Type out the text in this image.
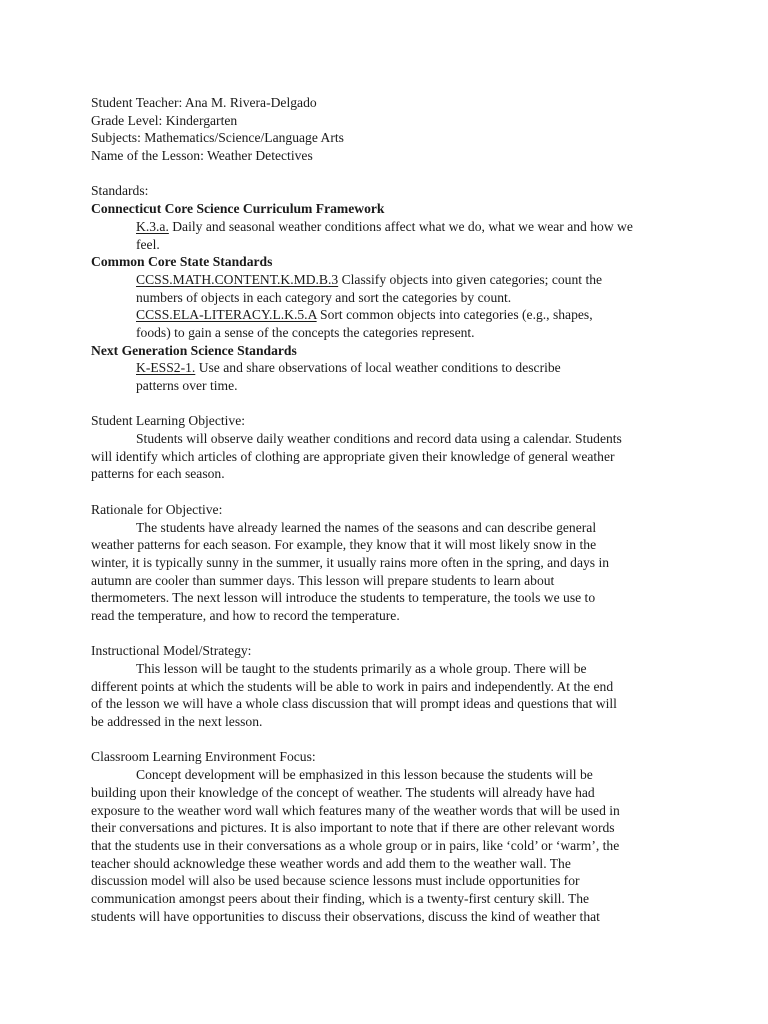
Student Teacher: Ana M. Rivera-Delgado
Grade Level: Kindergarten
Subjects: Mathematics/Science/Language Arts
Name of the Lesson: Weather Detectives
Standards:
Connecticut Core Science Curriculum Framework
K.3.a. Daily and seasonal weather conditions affect what we do, what we wear and how we
feel.
Common Core State Standards
CCSS.MATH.CONTENT.K.MD.B.3 Classify objects into given categories; count the
numbers of objects in each category and sort the categories by count.
CCSS.ELA-LITERACY.L.K.5.A Sort common objects into categories (e.g., shapes,
foods) to gain a sense of the concepts the categories represent.
Next Generation Science Standards
K-ESS2-1. Use and share observations of local weather conditions to describe
patterns over time.
Student Learning Objective:
Students will observe daily weather conditions and record data using a calendar. Students
will identify which articles of clothing are appropriate given their knowledge of general weather
patterns for each season.
Rationale for Objective:
The students have already learned the names of the seasons and can describe general
weather patterns for each season. For example, they know that it will most likely snow in the
winter, it is typically sunny in the summer, it usually rains more often in the spring, and days in
autumn are cooler than summer days. This lesson will prepare students to learn about
thermometers. The next lesson will introduce the students to temperature, the tools we use to
read the temperature, and how to record the temperature.
Instructional Model/Strategy:
This lesson will be taught to the students primarily as a whole group. There will be
different points at which the students will be able to work in pairs and independently. At the end
of the lesson we will have a whole class discussion that will prompt ideas and questions that will
be addressed in the next lesson.
Classroom Learning Environment Focus:
Concept development will be emphasized in this lesson because the students will be
building upon their knowledge of the concept of weather. The students will already have had
exposure to the weather word wall which features many of the weather words that will be used in
their conversations and pictures. It is also important to note that if there are other relevant words
that the students use in their conversations as a whole group or in pairs, like ‘cold’ or ‘warm’, the
teacher should acknowledge these weather words and add them to the weather wall. The
discussion model will also be used because science lessons must include opportunities for
communication amongst peers about their finding, which is a twenty-first century skill. The
students will have opportunities to discuss their observations, discuss the kind of weather that
